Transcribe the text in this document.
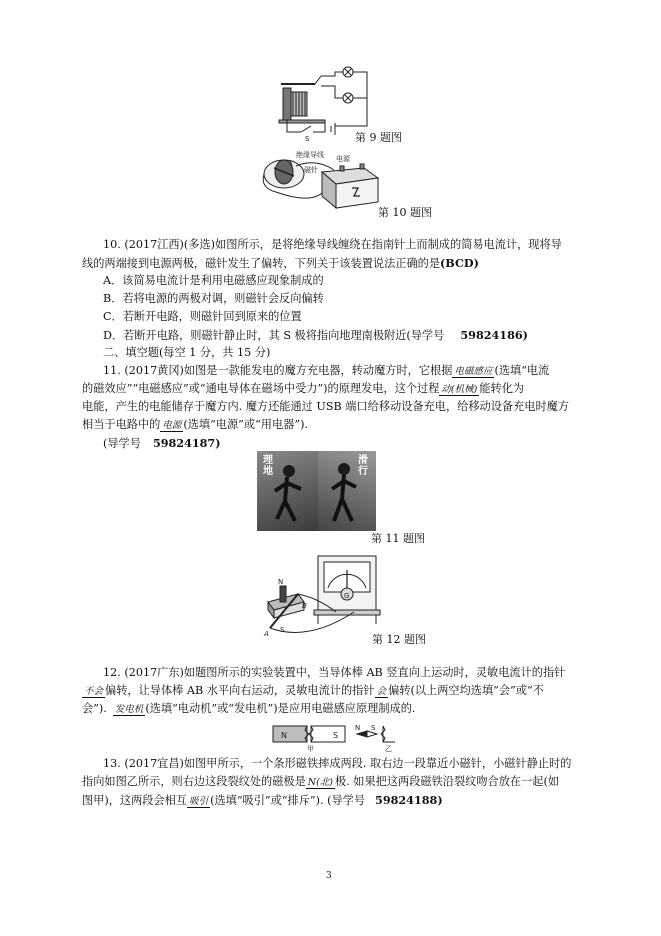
S	第 9 题图
绝缘导线 电源
磁针
第 10 题图
10. (2017江西)(多选)如图所示，是将绝缘导线缠绕在指南针上而制成的简易电流计，现将导
线的两端接到电源两极，磁针发生了偏转，下列关于该装置说法正确的是(BCD)
A．该简易电流计是利用电磁感应现象制成的
B．若将电源的两极对调，则磁针会反向偏转
C．若断开电路，则磁针回到原来的位置
D．若断开电路，则磁针静止时，其 S 极将指向地理南极附近(导学号 59824186)
二、填空题(每空 1 分，共 15 分)
11. (2017黄冈)如图是一款能发电的魔方充电器，转动魔方时，它根据 电磁感应 (选填“电流
的磁效应”“电磁感应”或“通电导体在磁场中受力”)的原理发电，这个过程 动(机械) 能转化为
电能，产生的电能储存于魔方内. 魔方还能通过 USB 端口给移动设备充电，给移动设备充电时魔方
相当于电路中的 电源 (选填“电源”或“用电器”).
(导学号 59824187)
理地
滑行
第 11 题图
G
N
S
A
B
第 12 题图
12. (2017广东)如题图所示的实验装置中，当导体棒 AB 竖直向上运动时，灵敏电流计的指针
不会 偏转，让导体棒 AB 水平向右运动，灵敏电流计的指针 会 偏转(以上两空均选填“会”或“不
会”). 发电机 (选填“电动机”或“发电机”)是应用电磁感应原理制成的.
N	S
N S
甲	乙
13. (2017宜昌)如图甲所示，一个条形磁铁摔成两段. 取右边一段靠近小磁针，小磁针静止时的
指向如图乙所示，则右边这段裂纹处的磁极是 N(北) 极. 如果把这两段磁铁沿裂纹吻合放在一起(如
图甲)，这两段会相互 吸引 (选填“吸引”或“排斥”). (导学号 59824188)
3
